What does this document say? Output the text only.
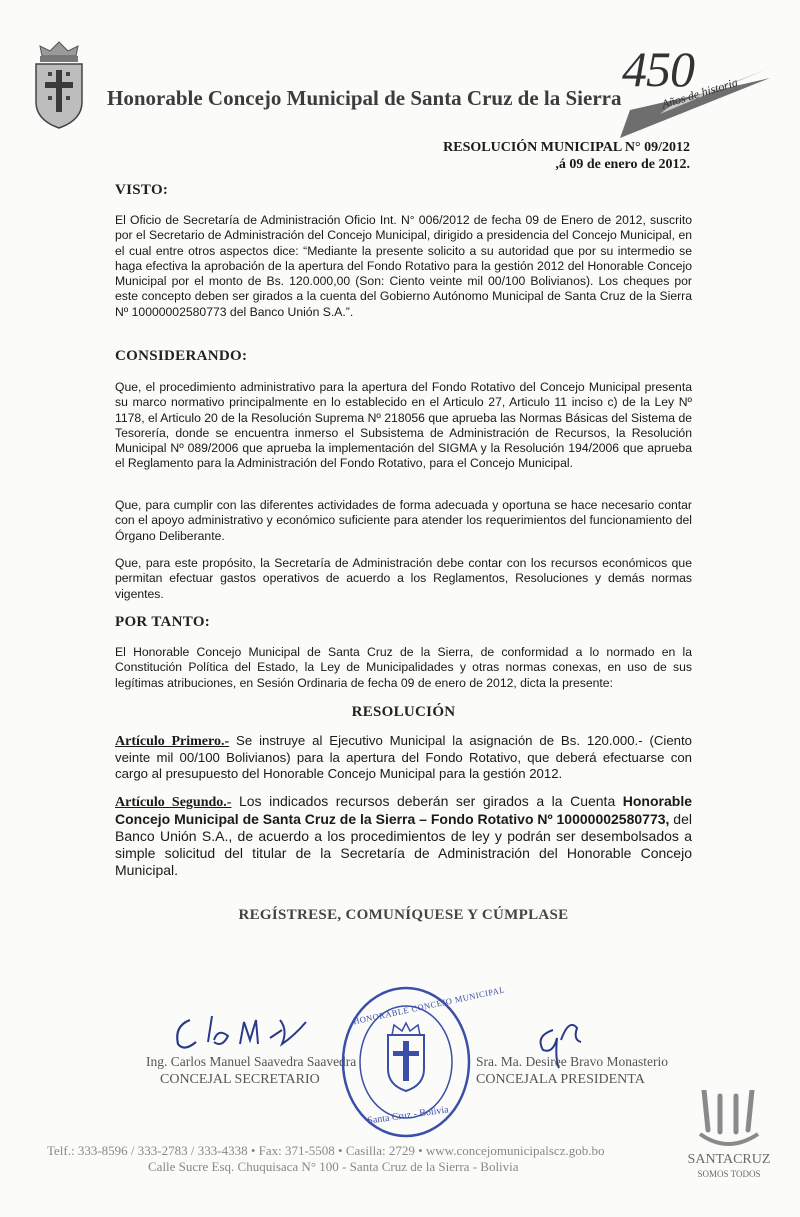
Honorable Concejo Municipal de Santa Cruz de la Sierra
450
Años de historia
RESOLUCIÓN MUNICIPAL N° 09/2012
,á 09 de enero de 2012.
VISTO:
El Oficio de Secretaría de Administración Oficio Int. N° 006/2012 de fecha 09 de Enero de 2012, suscrito por el Secretario de Administración del Concejo Municipal, dirigido a presidencia del Concejo Municipal, en el cual entre otros aspectos dice: “Mediante la presente solicito a su autoridad que por su intermedio se haga efectiva la aprobación de la apertura del Fondo Rotativo para la gestión 2012 del Honorable Concejo Municipal por el monto de Bs. 120.000,00 (Son: Ciento veinte mil 00/100 Bolivianos). Los cheques por este concepto deben ser girados a la cuenta del Gobierno Autónomo Municipal de Santa Cruz de la Sierra Nº 10000002580773 del Banco Unión S.A.”.
CONSIDERANDO:
Que, el procedimiento administrativo para la apertura del Fondo Rotativo del Concejo Municipal presenta su marco normativo principalmente en lo establecido en el Articulo 27, Articulo 11 inciso c) de la Ley Nº 1178, el Articulo 20 de la Resolución Suprema Nº 218056 que aprueba las Normas Básicas del Sistema de Tesorería, donde se encuentra inmerso el Subsistema de Administración de Recursos, la Resolución Municipal Nº 089/2006 que aprueba la implementación del SIGMA y la Resolución 194/2006 que aprueba el Reglamento para la Administración del Fondo Rotativo, para el Concejo Municipal.
Que, para cumplir con las diferentes actividades de forma adecuada y oportuna se hace necesario contar con el apoyo administrativo y económico suficiente para atender los requerimientos del funcionamiento del Órgano Deliberante.
Que, para este propósito, la Secretaría de Administración debe contar con los recursos económicos que permitan efectuar gastos operativos de acuerdo a los Reglamentos, Resoluciones y demás normas vigentes.
POR TANTO:
El Honorable Concejo Municipal de Santa Cruz de la Sierra, de conformidad a lo normado en la Constitución Política del Estado, la Ley de Municipalidades y otras normas conexas, en uso de sus legítimas atribuciones, en Sesión Ordinaria de fecha 09 de enero de 2012, dicta la presente:
RESOLUCIÓN
Artículo Primero.- Se instruye al Ejecutivo Municipal la asignación de Bs. 120.000.- (Ciento veinte mil 00/100 Bolivianos) para la apertura del Fondo Rotativo, que deberá efectuarse con cargo al presupuesto del Honorable Concejo Municipal para la gestión 2012.
Artículo Segundo.- Los indicados recursos deberán ser girados a la Cuenta Honorable Concejo Municipal de Santa Cruz de la Sierra – Fondo Rotativo Nº 10000002580773, del Banco Unión S.A., de acuerdo a los procedimientos de ley y podrán ser desembolsados a simple solicitud del titular de la Secretaría de Administración del Honorable Concejo Municipal.
REGÍSTRESE, COMUNÍQUESE Y CÚMPLASE
Ing. Carlos Manuel Saavedra Saavedra
CONCEJAL SECRETARIO
Sra. Ma. Desiree Bravo Monasterio
CONCEJALA PRESIDENTA
HONORABLE CONCEJO MUNICIPAL
Santa Cruz - Bolivia
Telf.: 333-8596 / 333-2783 / 333-4338 • Fax: 371-5508 • Casilla: 2729 • www.concejomunicipalscz.gob.bo
Calle Sucre Esq. Chuquisaca N° 100 - Santa Cruz de la Sierra - Bolivia	SANTACRUZ
SOMOS TODOS
